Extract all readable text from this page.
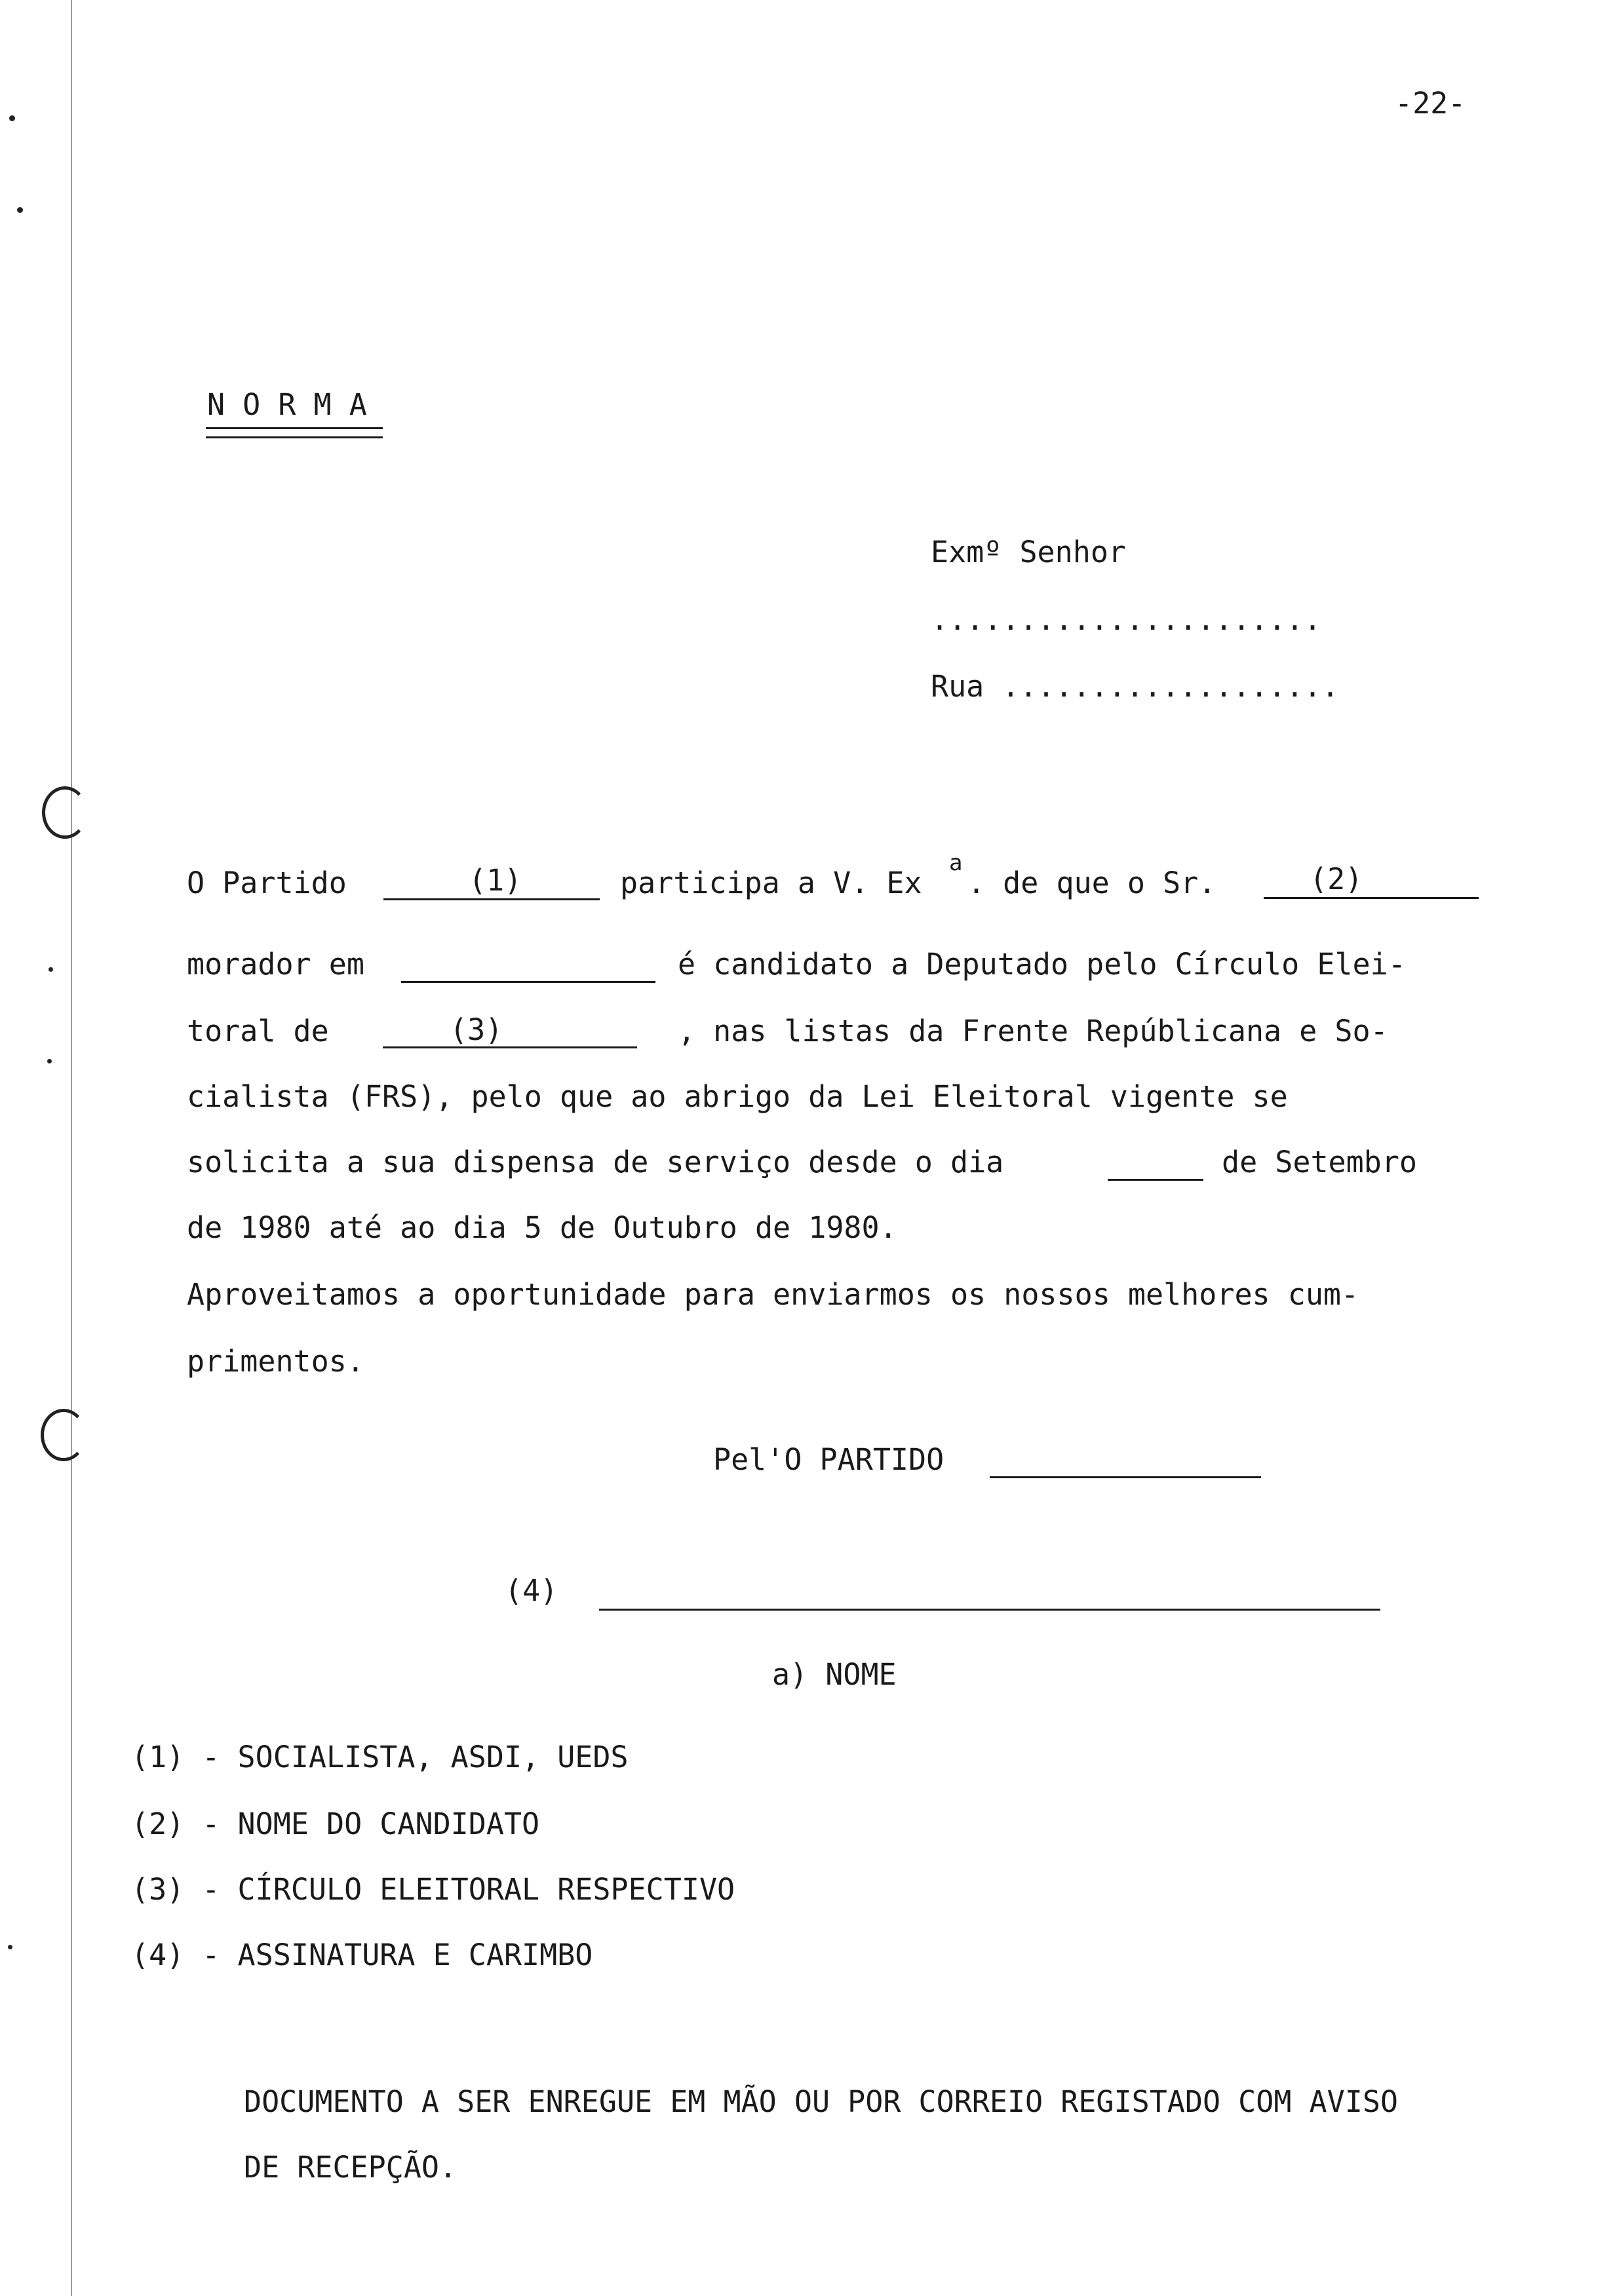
-22-
N O R M A
Exmº Senhor
......................
Rua ...................
O Partido	(1)	participa a V. Ex
a
. de que o Sr.	(2)
morador em	é candidato a Deputado pelo Círculo Elei-
toral de	(3)	, nas listas da Frente Repúblicana e So-
cialista (FRS), pelo que ao abrigo da Lei Eleitoral vigente se
solicita a sua dispensa de serviço desde o dia	de Setembro
de 1980 até ao dia 5 de Outubro de 1980.
Aproveitamos a oportunidade para enviarmos os nossos melhores cum-
primentos.
Pel'O PARTIDO
(4)
a) NOME
(1) - SOCIALISTA, ASDI, UEDS
(2) - NOME DO CANDIDATO
(3) - CÍRCULO ELEITORAL RESPECTIVO
(4) - ASSINATURA E CARIMBO
DOCUMENTO A SER ENREGUE EM MÃO OU POR CORREIO REGISTADO COM AVISO
DE RECEPÇÃO.
